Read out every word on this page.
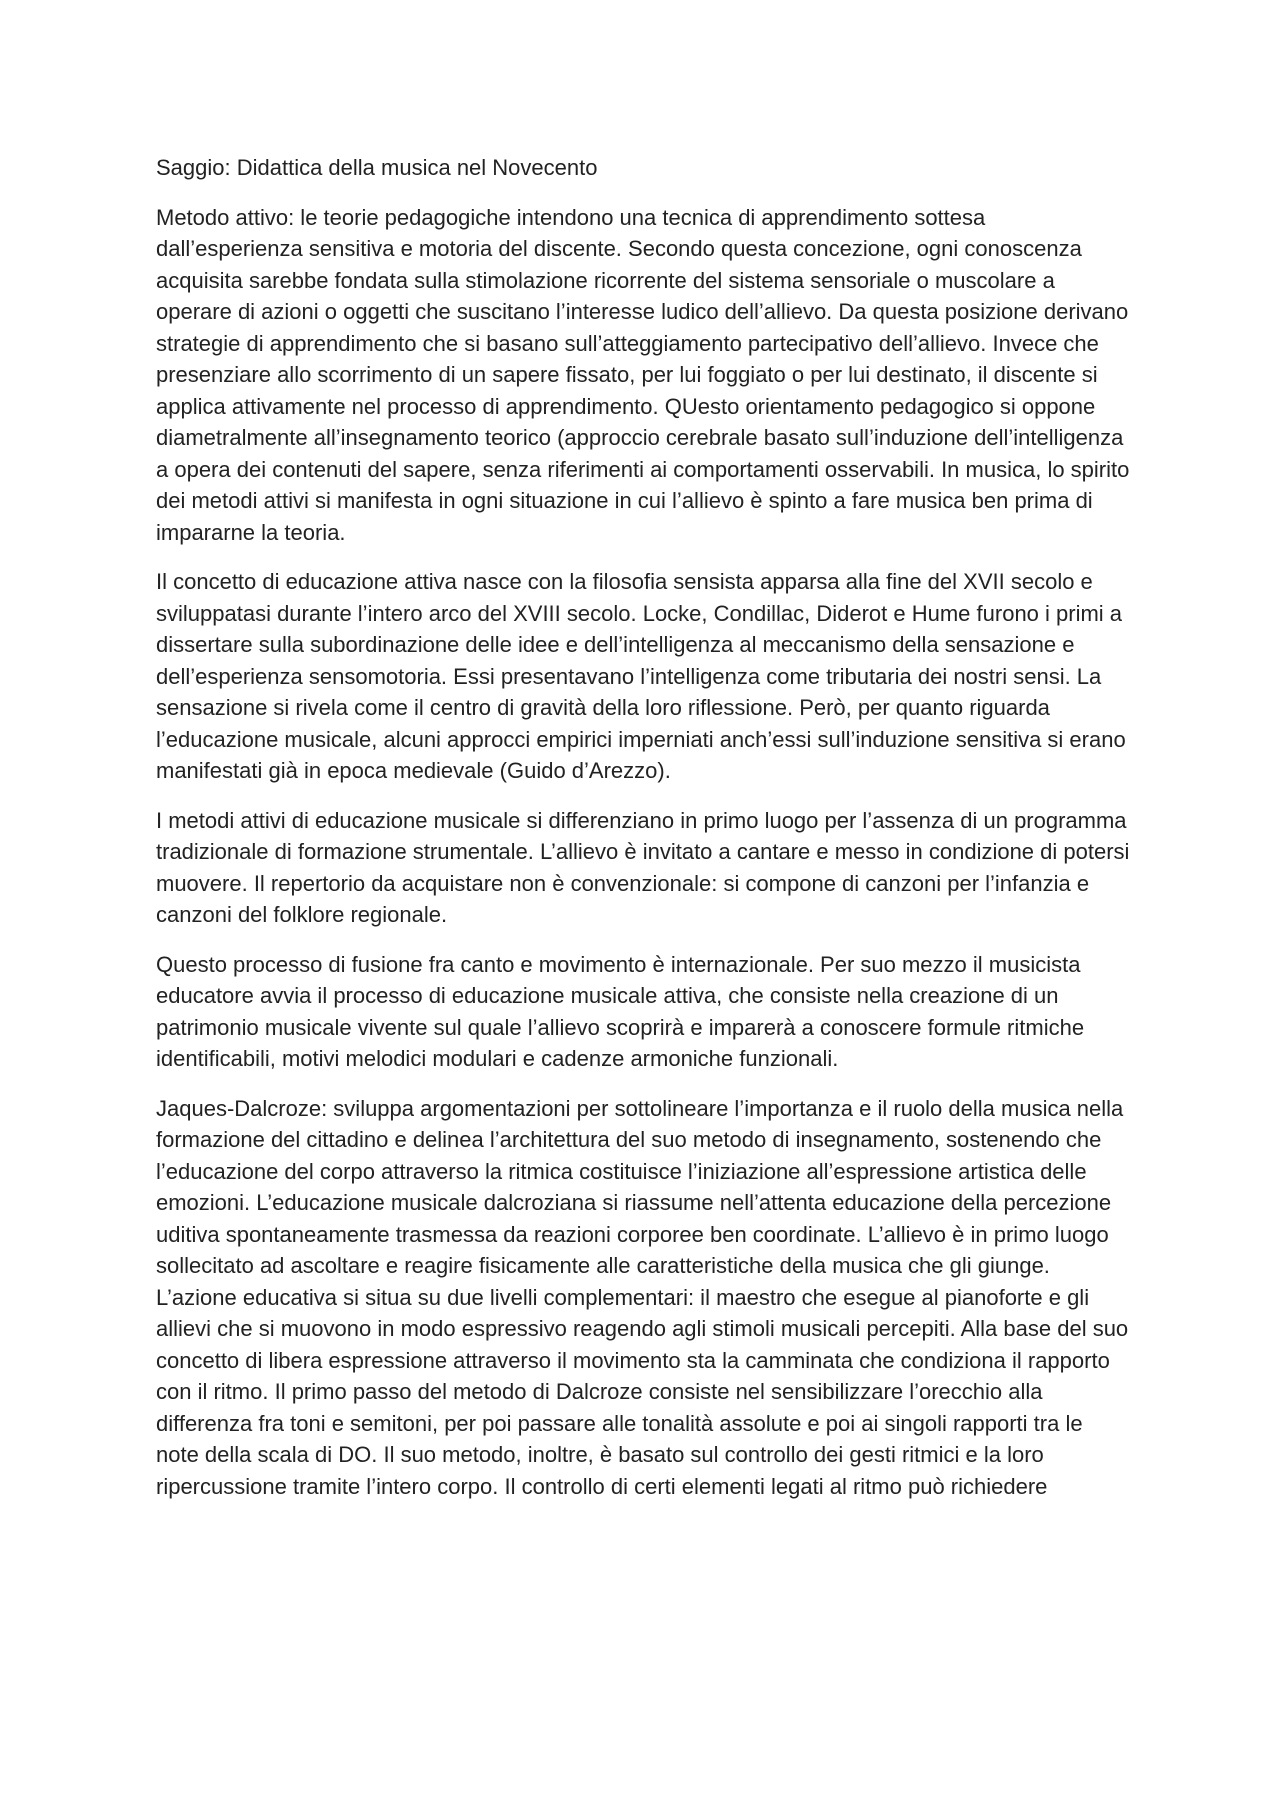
Saggio: Didattica della musica nel Novecento

Metodo attivo: le teorie pedagogiche intendono una tecnica di apprendimento sottesa dall’esperienza sensitiva e motoria del discente. Secondo questa concezione, ogni conoscenza acquisita sarebbe fondata sulla stimolazione ricorrente del sistema sensoriale o muscolare a operare di azioni o oggetti che suscitano l’interesse ludico dell’allievo. Da questa posizione derivano strategie di apprendimento che si basano sull’atteggiamento partecipativo dell’allievo. Invece che presenziare allo scorrimento di un sapere fissato, per lui foggiato o per lui destinato, il discente si applica attivamente nel processo di apprendimento. QUesto orientamento pedagogico si oppone diametralmente all’insegnamento teorico (approccio cerebrale basato sull’induzione dell’intelligenza a opera dei contenuti del sapere, senza riferimenti ai comportamenti osservabili. In musica, lo spirito dei metodi attivi si manifesta in ogni situazione in cui l’allievo è spinto a fare musica ben prima di impararne la teoria.

Il concetto di educazione attiva nasce con la filosofia sensista apparsa alla fine del XVII secolo e sviluppatasi durante l’intero arco del XVIII secolo. Locke, Condillac, Diderot e Hume furono i primi a dissertare sulla subordinazione delle idee e dell’intelligenza al meccanismo della sensazione e dell’esperienza sensomotoria. Essi presentavano l’intelligenza come tributaria dei nostri sensi. La sensazione si rivela come il centro di gravità della loro riflessione. Però, per quanto riguarda l’educazione musicale, alcuni approcci empirici imperniati anch’essi sull’induzione sensitiva si erano manifestati già in epoca medievale (Guido d’Arezzo).

I metodi attivi di educazione musicale si differenziano in primo luogo per l’assenza di un programma tradizionale di formazione strumentale. L’allievo è invitato a cantare e messo in condizione di potersi muovere. Il repertorio da acquistare non è convenzionale: si compone di canzoni per l’infanzia e canzoni del folklore regionale.

Questo processo di fusione fra canto e movimento è internazionale. Per suo mezzo il musicista educatore avvia il processo di educazione musicale attiva, che consiste nella creazione di un patrimonio musicale vivente sul quale l’allievo scoprirà e imparerà a conoscere formule ritmiche identificabili, motivi melodici modulari e cadenze armoniche funzionali.

Jaques-Dalcroze: sviluppa argomentazioni per sottolineare l’importanza e il ruolo della musica nella formazione del cittadino e delinea l’architettura del suo metodo di insegnamento, sostenendo che l’educazione del corpo attraverso la ritmica costituisce l’iniziazione all’espressione artistica delle emozioni. L’educazione musicale dalcroziana si riassume nell’attenta educazione della percezione uditiva spontaneamente trasmessa da reazioni corporee ben coordinate. L’allievo è in primo luogo sollecitato ad ascoltare e reagire fisicamente alle caratteristiche della musica che gli giunge. L’azione educativa si situa su due livelli complementari: il maestro che esegue al pianoforte e gli allievi che si muovono in modo espressivo reagendo agli stimoli musicali percepiti. Alla base del suo concetto di libera espressione attraverso il movimento sta la camminata che condiziona il rapporto con il ritmo. Il primo passo del metodo di Dalcroze consiste nel sensibilizzare l’orecchio alla differenza fra toni e semitoni, per poi passare alle tonalità assolute e poi ai singoli rapporti tra le note della scala di DO. Il suo metodo, inoltre, è basato sul controllo dei gesti ritmici e la loro ripercussione tramite l’intero corpo. Il controllo di certi elementi legati al ritmo può richiedere
